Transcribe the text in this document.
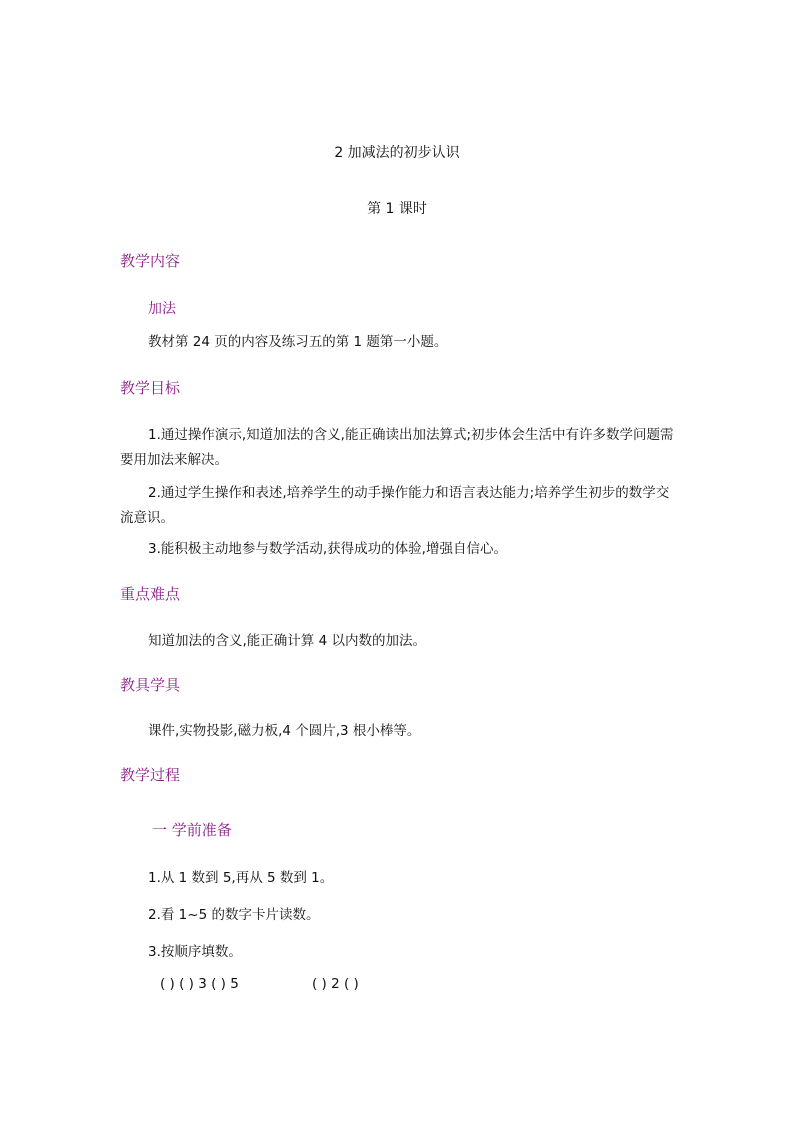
2 加减法的初步认识
第 1 课时
教学内容
加法
教材第 24 页的内容及练习五的第 1 题第一小题。
教学目标
1.通过操作演示,知道加法的含义,能正确读出加法算式;初步体会生活中有许多数学问题需要用加法来解决。
2.通过学生操作和表述,培养学生的动手操作能力和语言表达能力;培养学生初步的数学交流意识。
3.能积极主动地参与数学活动,获得成功的体验,增强自信心。
重点难点
知道加法的含义,能正确计算 4 以内数的加法。
教具学具
课件,实物投影,磁力板,4 个圆片,3 根小棒等。
教学过程
一 学前准备
1.从 1 数到 5,再从 5 数到 1。
2.看 1~5 的数字卡片读数。
3.按顺序填数。
( ) ( ) 3 ( ) 5	( ) 2 ( )
